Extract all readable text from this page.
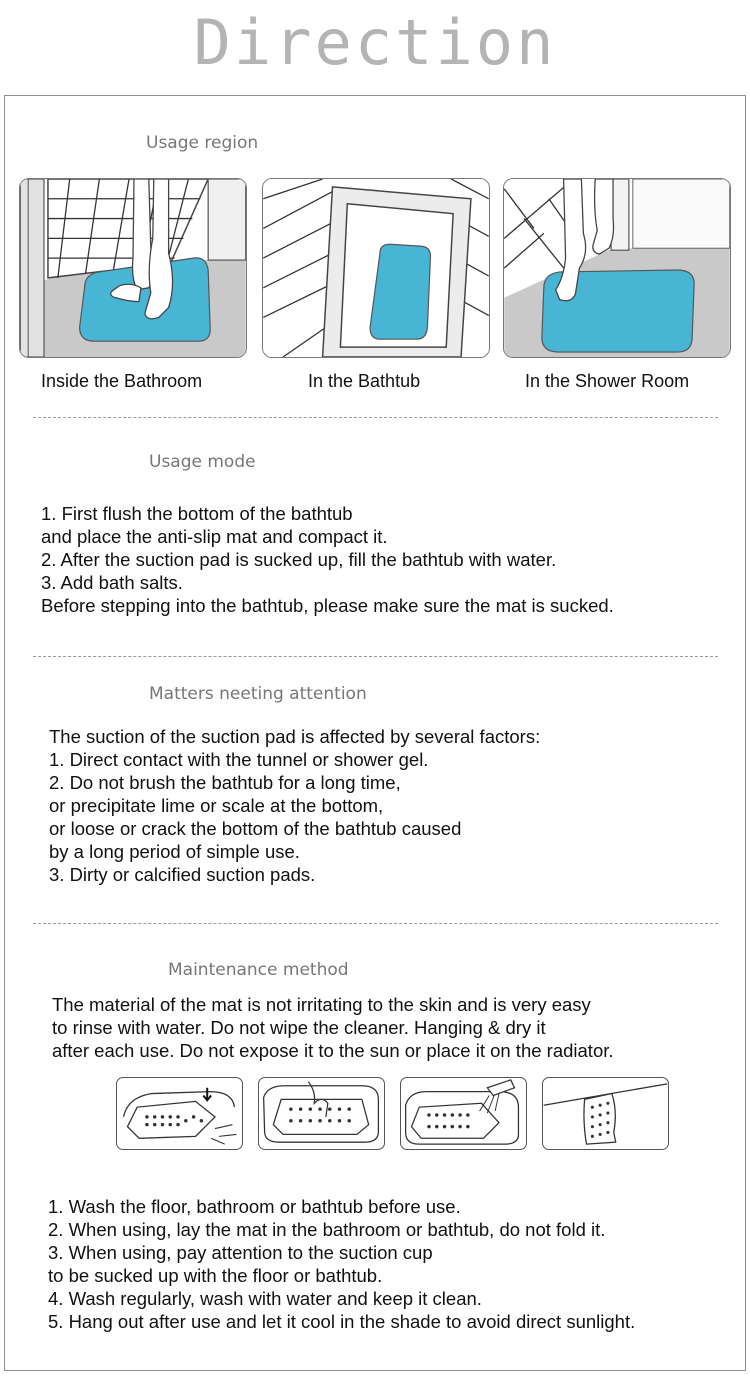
Direction
Usage region
Inside the Bathroom	In the Bathtub	In the Shower Room
Usage mode
1. First flush the bottom of the bathtub
and place the anti-slip mat and compact it.
2. After the suction pad is sucked up, fill the bathtub with water.
3. Add bath salts.
Before stepping into the bathtub, please make sure the mat is sucked.
Matters neeting attention
The suction of the suction pad is affected by several factors:
1. Direct contact with the tunnel or shower gel.
2. Do not brush the bathtub for a long time,
or precipitate lime or scale at the bottom,
or loose or crack the bottom of the bathtub caused
by a long period of simple use.
3. Dirty or calcified suction pads.
Maintenance method
The material of the mat is not irritating to the skin and is very easy
to rinse with water. Do not wipe the cleaner. Hanging & dry it
after each use. Do not expose it to the sun or place it on the radiator.
1. Wash the floor, bathroom or bathtub before use.
2. When using, lay the mat in the bathroom or bathtub, do not fold it.
3. When using, pay attention to the suction cup
to be sucked up with the floor or bathtub.
4. Wash regularly, wash with water and keep it clean.
5. Hang out after use and let it cool in the shade to avoid direct sunlight.
